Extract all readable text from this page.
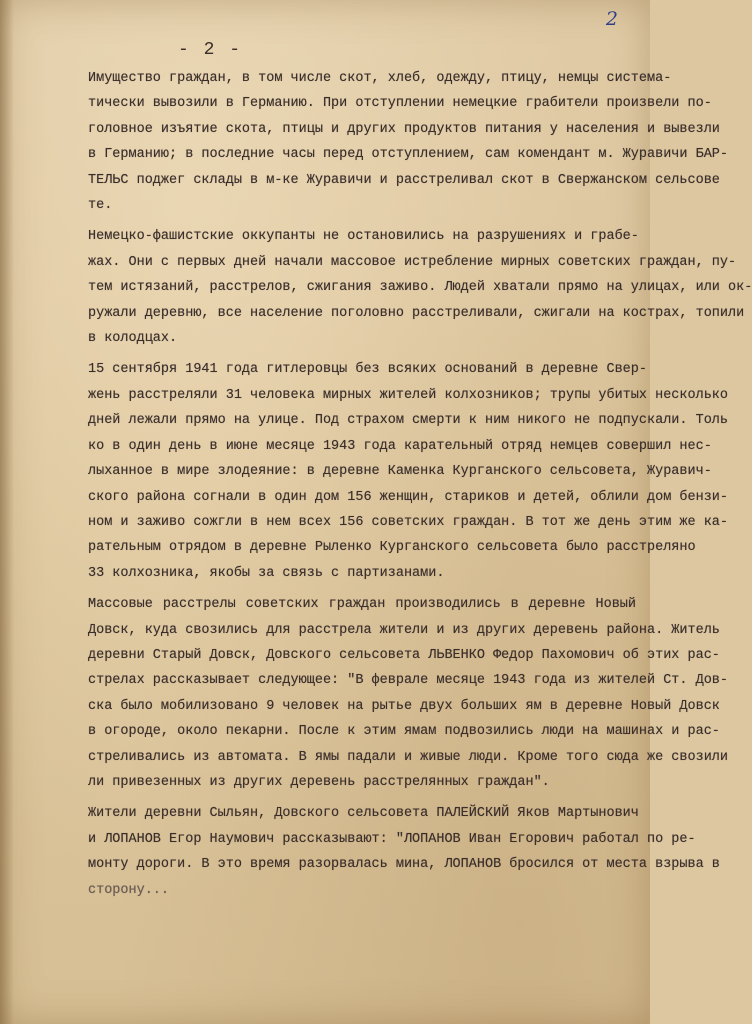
2
- 2 -

Имущество граждан, в том числе скот, хлеб, одежду, птицу, немцы система-
тически вывозили в Германию. При отступлении немецкие грабители произвели по-
головное изъятие скота, птицы и других продуктов питания у населения и вывезли
в Германию; в последние часы перед отступлением, сам комендант м. Журавичи БАР-
ТЕЛЬС поджег склады в м-ке Журавичи и расстреливал скот в Свержанском сельсове
те.

Немецко-фашистские оккупанты не остановились на разрушениях и грабе-
жах. Они с первых дней начали массовое истребление мирных советских граждан, пу-
тем истязаний, расстрелов, сжигания заживо. Людей хватали прямо на улицах, или ок-
ружали деревню, все население поголовно расстреливали, сжигали на кострах, топили
в колодцах.

15 сентября 1941 года гитлеровцы без всяких оснований в деревне Свер-
жень расстреляли 31 человека мирных жителей колхозников; трупы убитых несколько
дней лежали прямо на улице. Под страхом смерти к ним никого не подпускали. Толь
ко в один день в июне месяце 1943 года карательный отряд немцев совершил нес-
лыханное в мире злодеяние: в деревне Каменка Курганского сельсовета, Журавич-
ского района согнали в один дом 156 женщин, стариков и детей, облили дом бензи-
ном и заживо сожгли в нем всех 156 советских граждан. В тот же день этим же ка-
рательным отрядом в деревне Рыленко Курганского сельсовета было расстреляно
33 колхозника, якобы за связь с партизанами.

Массовые расстрелы советских граждан производились в деревне Новый
Довск, куда свозились для расстрела жители и из других деревень района. Житель
деревни Старый Довск, Довского сельсовета ЛЬВЕНКО Федор Пахомович об этих рас-
стрелах рассказывает следующее: "В феврале месяце 1943 года из жителей Ст. Дов-
ска было мобилизовано 9 человек на рытье двух больших ям в деревне Новый Довск
в огороде, около пекарни. После к этим ямам подвозились люди на машинах и рас-
стреливались из автомата. В ямы падали и живые люди. Кроме того сюда же свозили
ли привезенных из других деревень расстрелянных граждан".

Жители деревни Сыльян, Довского сельсовета ПАЛЕЙСКИЙ Яков Мартынович
и ЛОПАНОВ Егор Наумович рассказывают: "ЛОПАНОВ Иван Егорович работал по ре-
монту дороги. В это время разорвалась мина, ЛОПАНОВ бросился от места взрыва в
сторону...
